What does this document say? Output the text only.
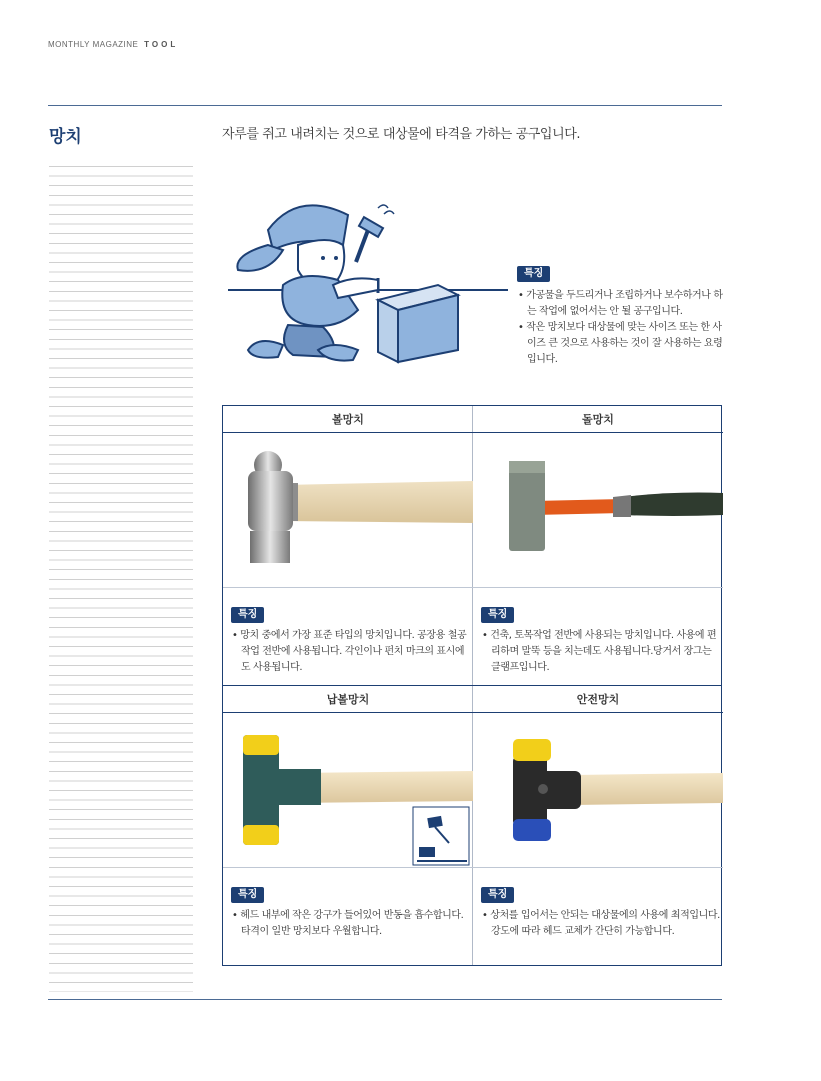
MONTHLY MAGAZINE TOOL
망치	자루를 쥐고 내려치는 것으로 대상물에 타격을 가하는 공구입니다.
특징
• 가공물을 두드리거나 조립하거나 보수하거나 하는 작업에 없어서는 안 될 공구입니다.
• 작은 망치보다 대상물에 맞는 사이즈 또는 한 사이즈 큰 것으로 사용하는 것이 잘 사용하는 요령입니다.
볼망치
특징
• 망치 중에서 가장 표준 타입의 망치입니다. 공장용 철공작업 전반에 사용됩니다. 각인이나 펀치 마크의 표시에도 사용됩니다.
돌망치
특징
• 건축, 토목작업 전반에 사용되는 망치입니다. 사용에 편리하며 말뚝 등을 치는데도 사용됩니다.당거서 장그는 클램프입니다.
납볼망치
특징
• 헤드 내부에 작은 강구가 들어있어 반동을 흡수합니다. 타격이 일반 망치보다 우월합니다.
안전망치
특징
• 상처를 입어서는 안되는 대상물에의 사용에 최적입니다. 강도에 따라 헤드 교체가 간단히 가능합니다.
